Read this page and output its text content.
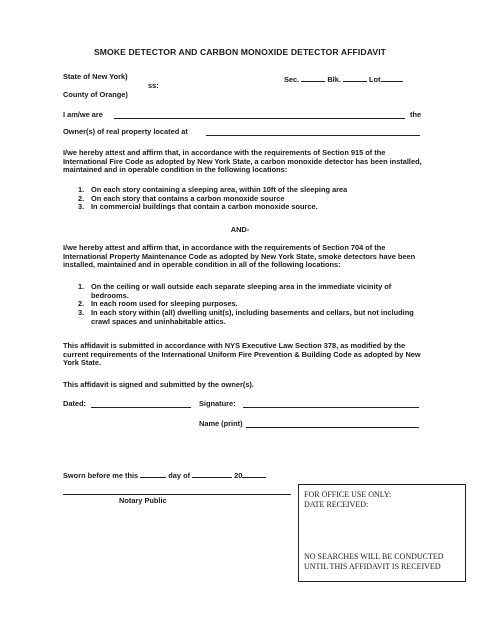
SMOKE DETECTOR AND CARBON MONOXIDE DETECTOR AFFIDAVIT
State of New York)
ss:
County of Orange)
Sec.	Blk.	Lot
I am/we are	the
Owner(s) of real property located at
I/we hereby attest and affirm that, in accordance with the requirements of Section 915 of the International Fire Code as adopted by New York State, a carbon monoxide detector has been installed, maintained and in operable condition in the following locations:
1. On each story containing a sleeping area, within 10ft of the sleeping area
2. On each story that contains a carbon monoxide source
3. In commercial buildings that contain a carbon monoxide source.
AND-
I/we hereby attest and affirm that, in accordance with the requirements of Section 704 of the International Property Maintenance Code as adopted by New York State, smoke detectors have been installed, maintained and in operable condition in all of the following locations:
1. On the ceiling or wall outside each separate sleeping area in the immediate vicinity of bedrooms.
2. In each room used for sleeping purposes.
3. In each story within (all) dwelling unit(s), including basements and cellars, but not including crawl spaces and uninhabitable attics.
This affidavit is submitted in accordance with NYS Executive Law Section 378, as modified by the current requirements of the International Uniform Fire Prevention & Building Code as adopted by New York State.
This affidavit is signed and submitted by the owner(s).
Dated:	Signature:
Name (print)
Sworn before me this	day of	20
Notary Public
FOR OFFICE USE ONLY:
DATE RECEIVED:
NO SEARCHES WILL BE CONDUCTED
UNTIL THIS AFFIDAVIT IS RECEIVED
